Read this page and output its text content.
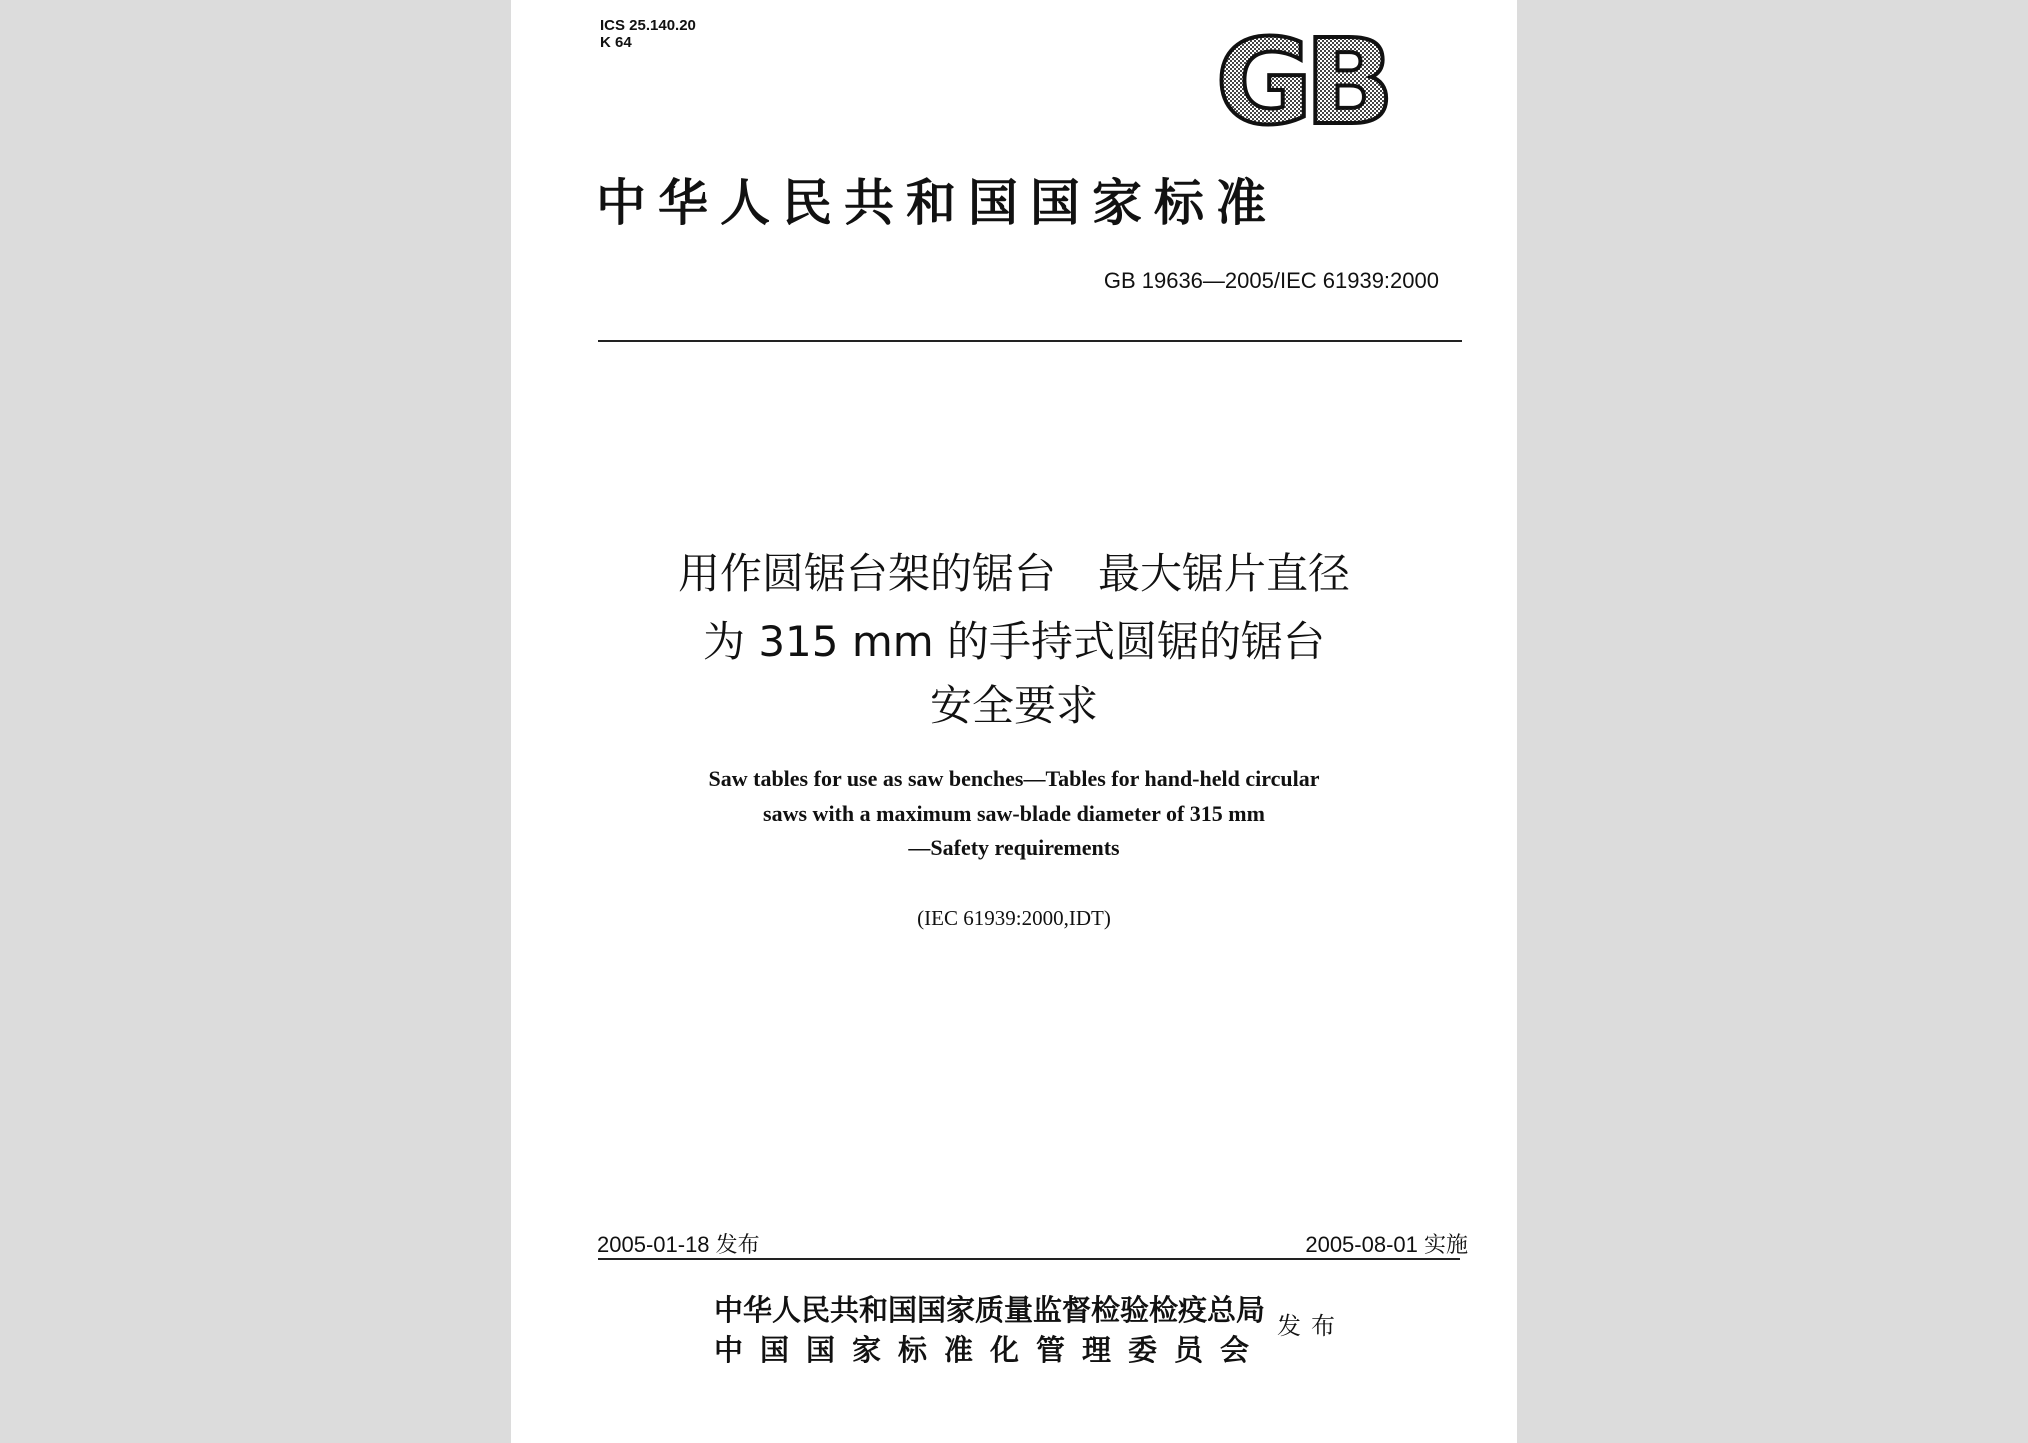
ICS 25.140.20
K 64	GB
中华人民共和国国家标准
GB 19636—2005/IEC 61939:2000
用作圆锯台架的锯台　最大锯片直径
为 315 mm 的手持式圆锯的锯台
安全要求
Saw tables for use as saw benches—Tables for hand-held circular
saws with a maximum saw-blade diameter of 315 mm
—Safety requirements
(IEC 61939:2000,IDT)
2005-01-18 发布	2005-08-01 实施
中华人民共和国国家质量监督检验检疫总局
中国国家标准化管理委员会
发布
